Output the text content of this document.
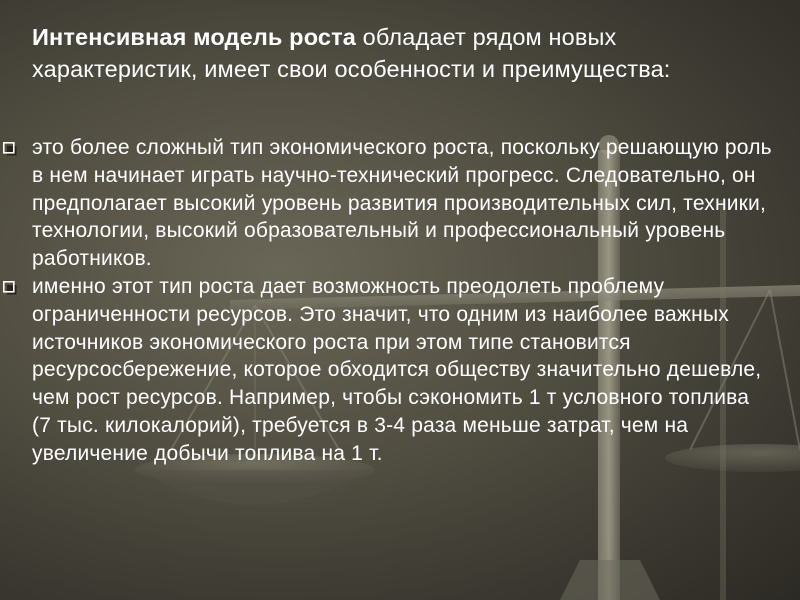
Интенсивная модель роста обладает рядом новых характеристик, имеет свои особенности и преимущества:

это более сложный тип экономического роста, поскольку решающую роль в нем начинает играть научно-технический прогресс. Следовательно, он предполагает высокий уровень развития производительных сил, техники, технологии, высокий образовательный и профессиональный уровень работников.
именно этот тип роста дает возможность преодолеть проблему ограниченности ресурсов. Это значит, что одним из наиболее важных источников экономического роста при этом типе становится ресурсосбережение, которое обходится обществу значительно дешевле, чем рост ресурсов. Например, чтобы сэкономить 1 т условного топлива (7 тыс. килокалорий), требуется в 3-4 раза меньше затрат, чем на увеличение добычи топлива на 1 т.
